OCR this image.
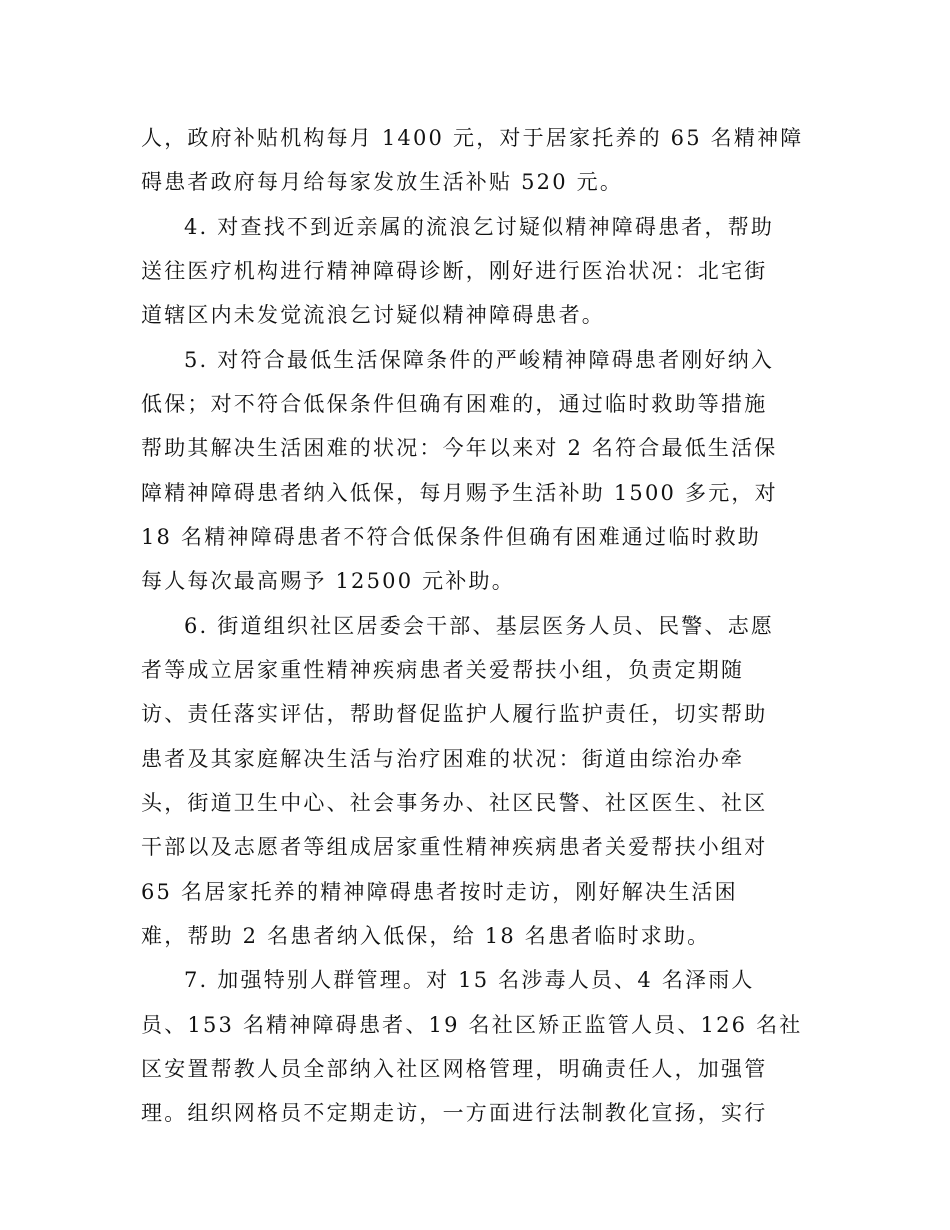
人，政府补贴机构每月 1400 元，对于居家托养的 65 名精神障
碍患者政府每月给每家发放生活补贴 520 元。
4. 对查找不到近亲属的流浪乞讨疑似精神障碍患者，帮助
送往医疗机构进行精神障碍诊断，刚好进行医治状况：北宅街
道辖区内未发觉流浪乞讨疑似精神障碍患者。
5. 对符合最低生活保障条件的严峻精神障碍患者刚好纳入
低保；对不符合低保条件但确有困难的，通过临时救助等措施
帮助其解决生活困难的状况：今年以来对 2 名符合最低生活保
障精神障碍患者纳入低保，每月赐予生活补助 1500 多元，对
18 名精神障碍患者不符合低保条件但确有困难通过临时救助
每人每次最高赐予 12500 元补助。
6. 街道组织社区居委会干部、基层医务人员、民警、志愿
者等成立居家重性精神疾病患者关爱帮扶小组，负责定期随
访、责任落实评估，帮助督促监护人履行监护责任，切实帮助
患者及其家庭解决生活与治疗困难的状况：街道由综治办牵
头，街道卫生中心、社会事务办、社区民警、社区医生、社区
干部以及志愿者等组成居家重性精神疾病患者关爱帮扶小组对
65 名居家托养的精神障碍患者按时走访，刚好解决生活困
难，帮助 2 名患者纳入低保，给 18 名患者临时求助。
7. 加强特别人群管理。对 15 名涉毒人员、4 名泽雨人
员、153 名精神障碍患者、19 名社区矫正监管人员、126 名社
区安置帮教人员全部纳入社区网格管理，明确责任人，加强管
理。组织网格员不定期走访，一方面进行法制教化宣扬，实行
